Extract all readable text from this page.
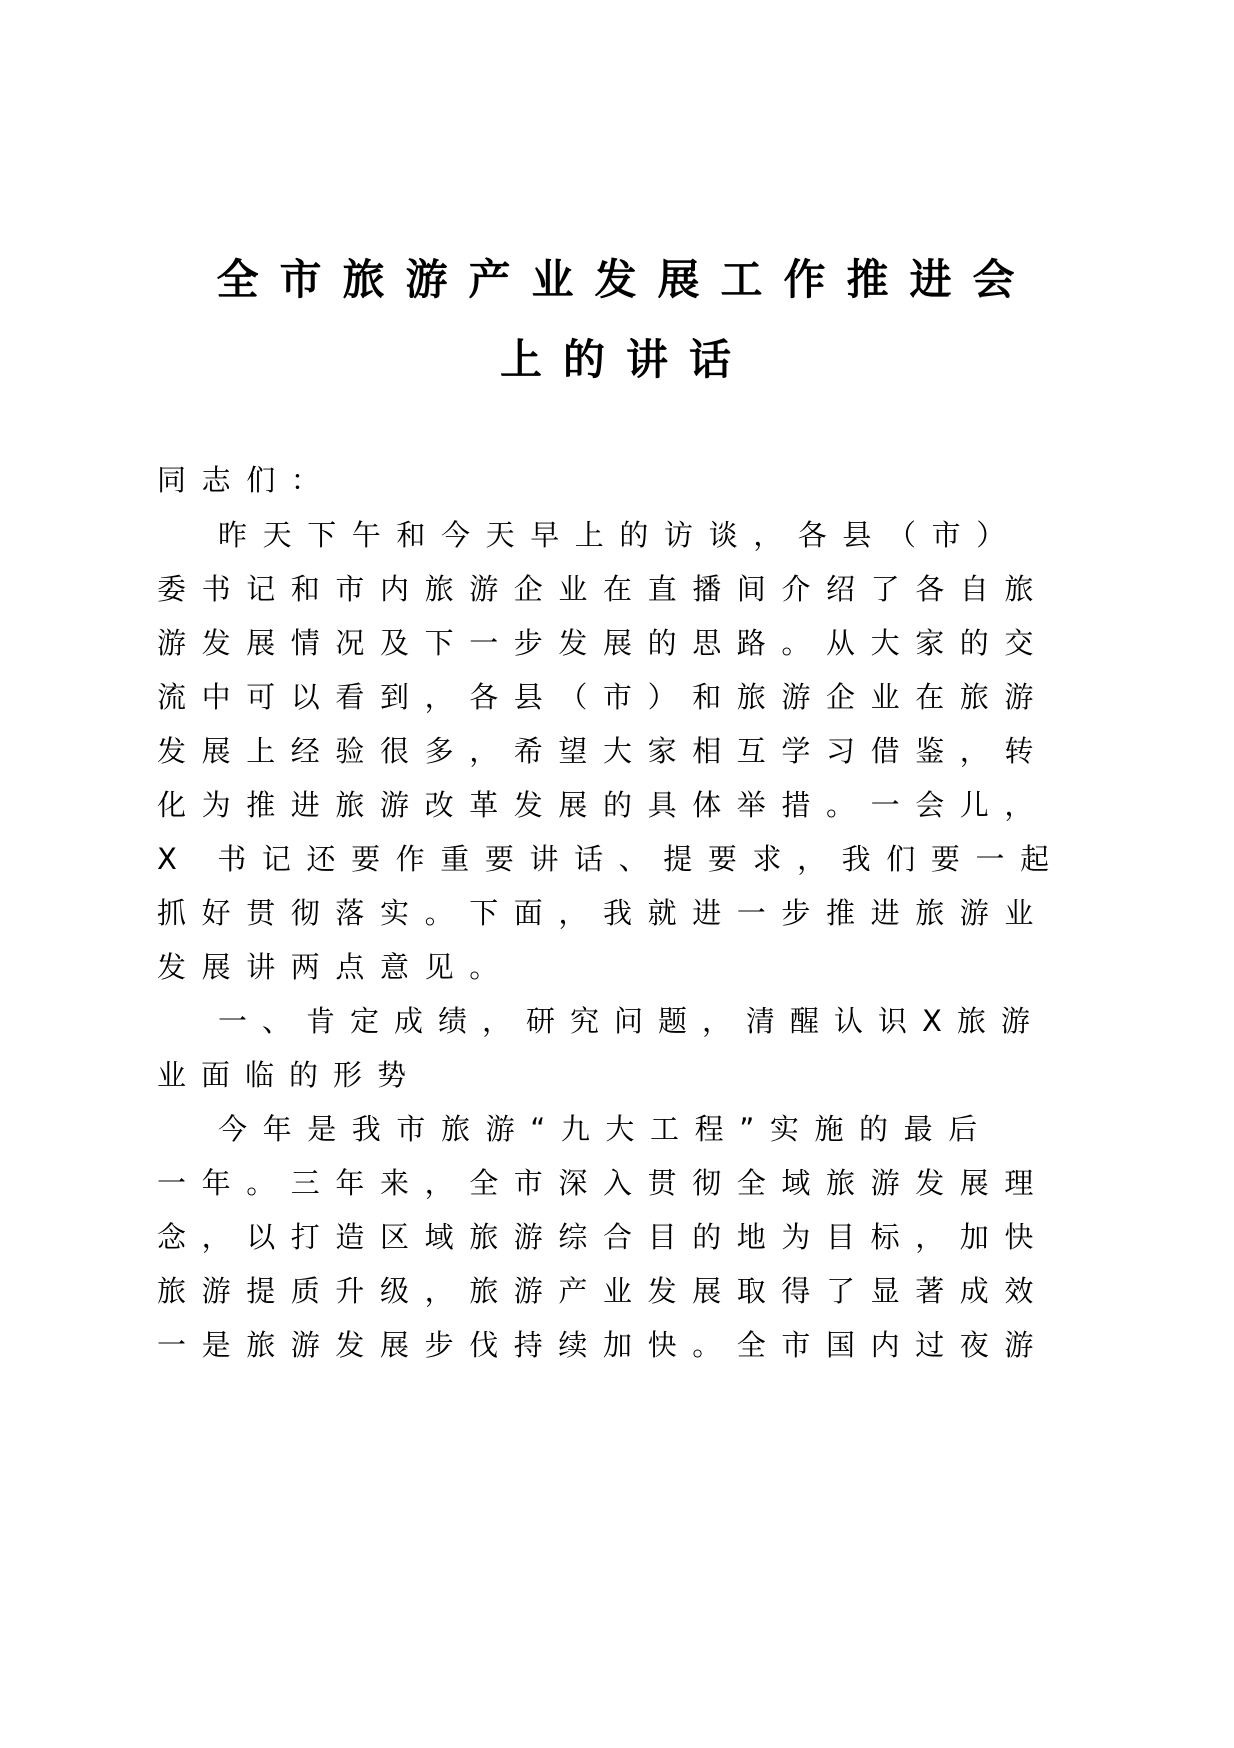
全市旅游产业发展工作推进会
上的讲话
同志们：
昨天下午和今天早上的访谈，各县（市）
委书记和市内旅游企业在直播间介绍了各自旅
游发展情况及下一步发展的思路。从大家的交
流中可以看到，各县（市）和旅游企业在旅游
发展上经验很多，希望大家相互学习借鉴，转
化为推进旅游改革发展的具体举措。一会儿，
X 书记还要作重要讲话、提要求，我们要一起
抓好贯彻落实。下面，我就进一步推进旅游业
发展讲两点意见。
一、肯定成绩，研究问题，清醒认识X旅游
业面临的形势
今年是我市旅游“九大工程”实施的最后
一年。三年来，全市深入贯彻全域旅游发展理
念，以打造区域旅游综合目的地为目标，加快
旅游提质升级，旅游产业发展取得了显著成效
一是旅游发展步伐持续加快。全市国内过夜游
